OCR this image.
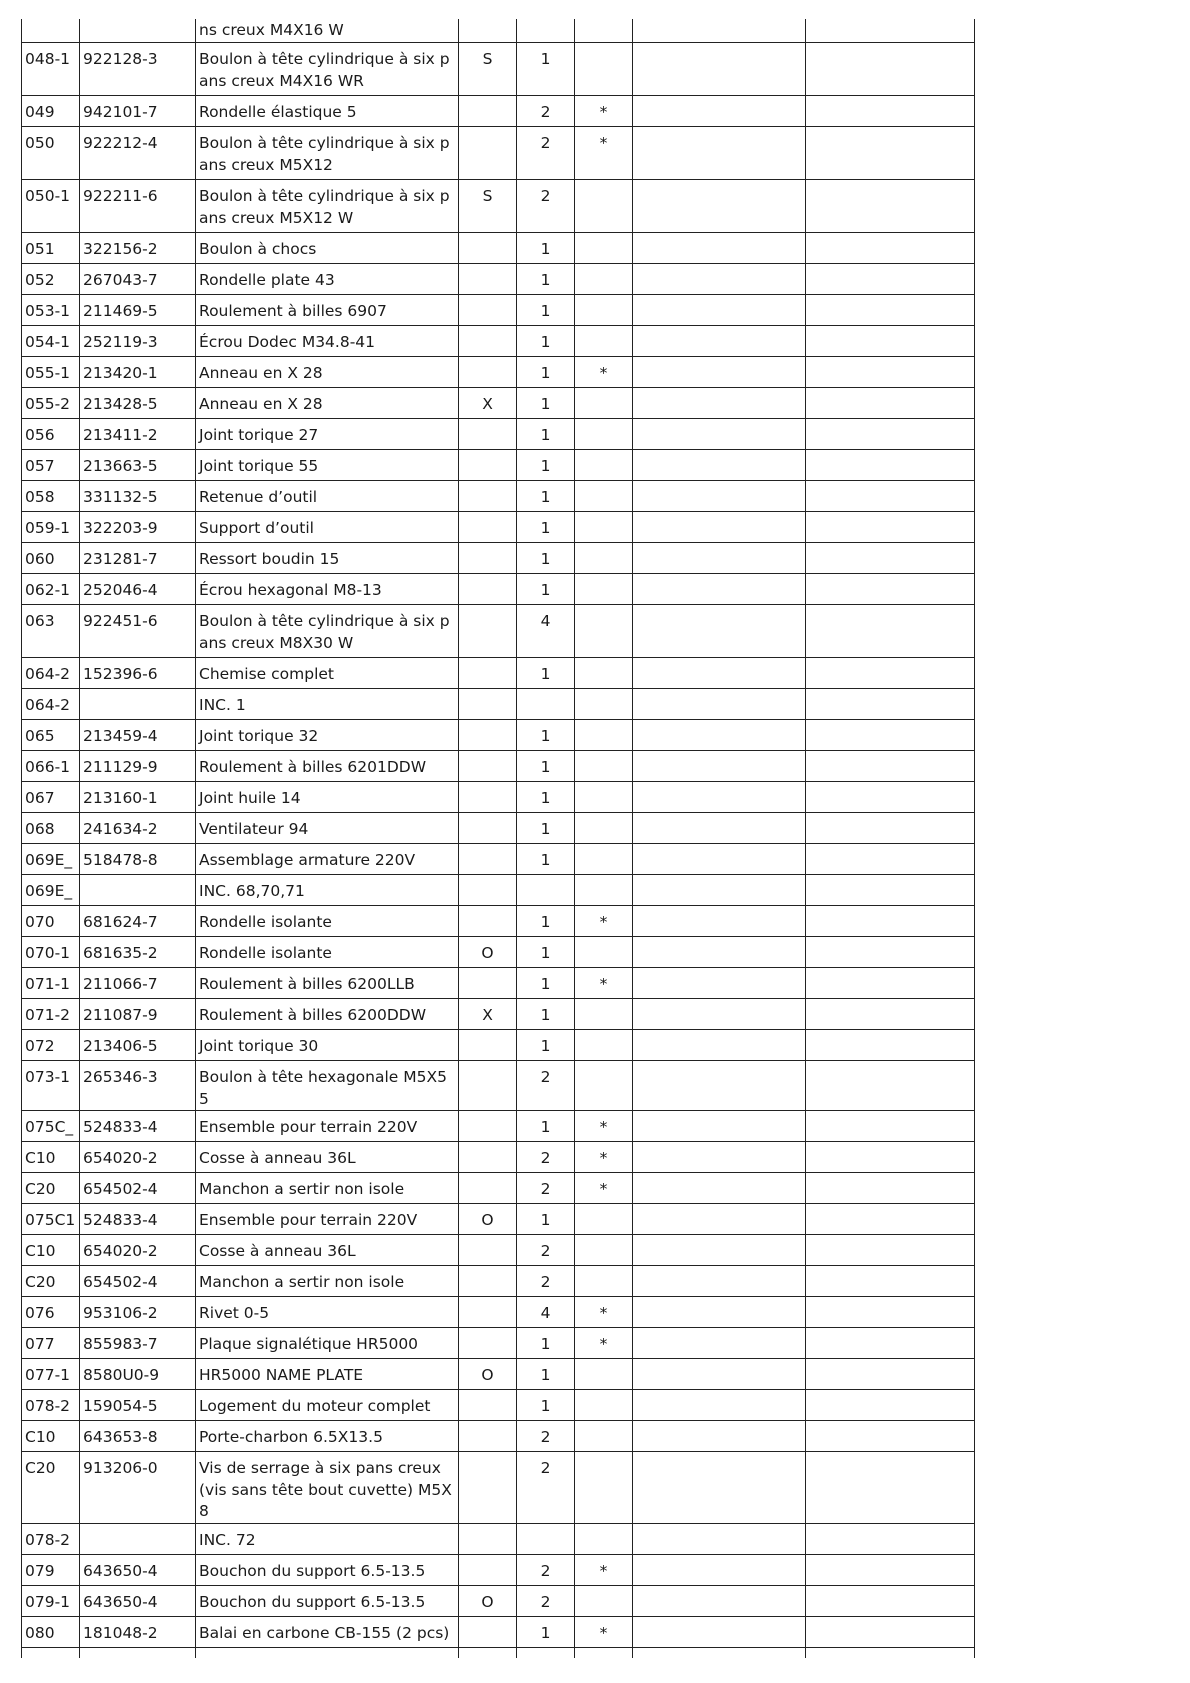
		ns creux M4X16 W					
048-1	922128-3	Boulon à tête cylindrique à six pans creux M4X16 WR	S	1			
049	942101-7	Rondelle élastique 5		2	*		
050	922212-4	Boulon à tête cylindrique à six pans creux M5X12		2	*		
050-1	922211-6	Boulon à tête cylindrique à six pans creux M5X12 W	S	2			
051	322156-2	Boulon à chocs		1			
052	267043-7	Rondelle plate 43		1			
053-1	211469-5	Roulement à billes 6907		1			
054-1	252119-3	Écrou Dodec M34.8-41		1			
055-1	213420-1	Anneau en X 28		1	*		
055-2	213428-5	Anneau en X 28	X	1			
056	213411-2	Joint torique 27		1			
057	213663-5	Joint torique 55		1			
058	331132-5	Retenue d’outil		1			
059-1	322203-9	Support d’outil		1			
060	231281-7	Ressort boudin 15		1			
062-1	252046-4	Écrou hexagonal M8-13		1			
063	922451-6	Boulon à tête cylindrique à six pans creux M8X30 W		4			
064-2	152396-6	Chemise complet		1			
064-2		INC. 1					
065	213459-4	Joint torique 32		1			
066-1	211129-9	Roulement à billes 6201DDW		1			
067	213160-1	Joint huile 14		1			
068	241634-2	Ventilateur 94		1			
069E_	518478-8	Assemblage armature 220V		1			
069E_		INC. 68,70,71					
070	681624-7	Rondelle isolante		1	*		
070-1	681635-2	Rondelle isolante	O	1			
071-1	211066-7	Roulement à billes 6200LLB		1	*		
071-2	211087-9	Roulement à billes 6200DDW	X	1			
072	213406-5	Joint torique 30		1			
073-1	265346-3	Boulon à tête hexagonale M5X55		2			
075C_	524833-4	Ensemble pour terrain 220V		1	*		
C10	654020-2	Cosse à anneau 36L		2	*		
C20	654502-4	Manchon a sertir non isole		2	*		
075C1	524833-4	Ensemble pour terrain 220V	O	1			
C10	654020-2	Cosse à anneau 36L		2			
C20	654502-4	Manchon a sertir non isole		2			
076	953106-2	Rivet 0-5		4	*		
077	855983-7	Plaque signalétique HR5000		1	*		
077-1	8580U0-9	HR5000 NAME PLATE	O	1			
078-2	159054-5	Logement du moteur complet		1			
C10	643653-8	Porte-charbon 6.5X13.5		2			
C20	913206-0	Vis de serrage à six pans creux (vis sans tête bout cuvette) M5X8		2			
078-2		INC. 72					
079	643650-4	Bouchon du support 6.5-13.5		2	*		
079-1	643650-4	Bouchon du support 6.5-13.5	O	2			
080	181048-2	Balai en carbone CB-155 (2 pcs)		1	*		
